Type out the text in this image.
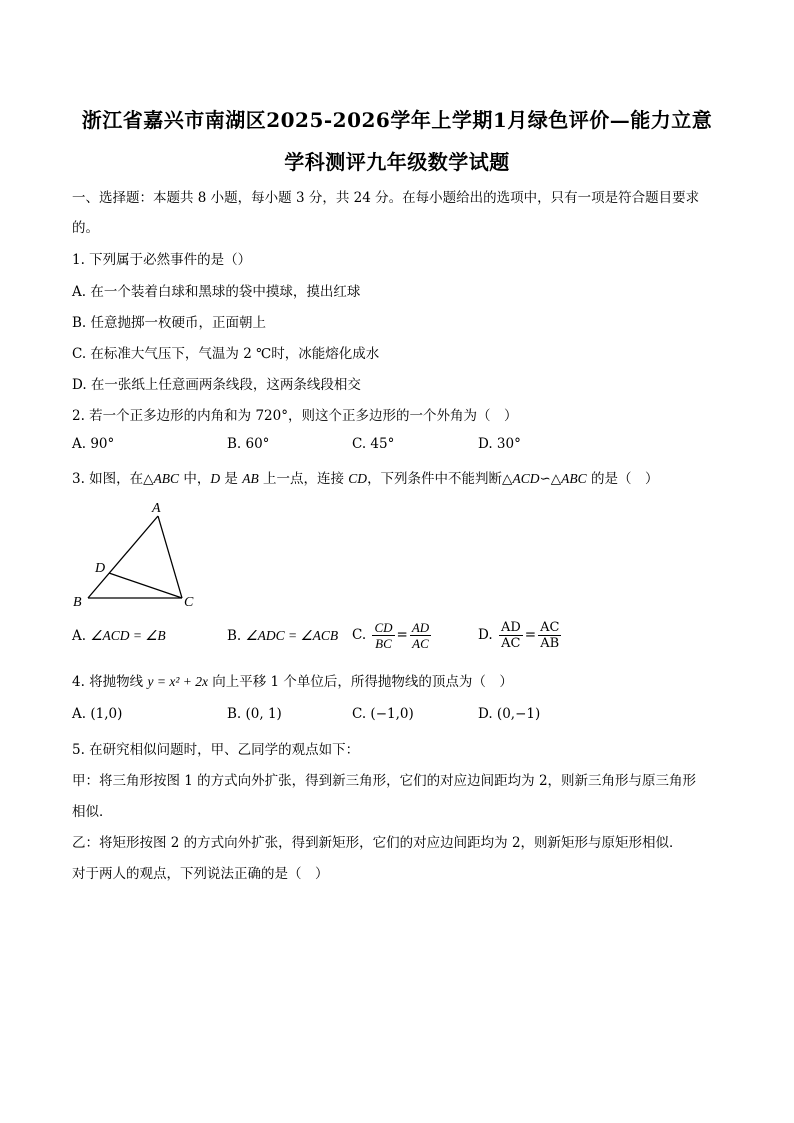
浙江省嘉兴市南湖区2025-2026学年上学期1月绿色评价—能力立意
学科测评九年级数学试题
一、选择题：本题共 8 小题，每小题 3 分，共 24 分。在每小题给出的选项中，只有一项是符合题目要求
的。
1. 下列属于必然事件的是（）
A. 在一个装着白球和黑球的袋中摸球，摸出红球
B. 任意抛掷一枚硬币，正面朝上
C. 在标准大气压下，气温为 2 ℃时，冰能熔化成水
D. 在一张纸上任意画两条线段，这两条线段相交
2. 若一个正多边形的内角和为 720°，则这个正多边形的一个外角为（　）
A. 90°	B. 60°	C. 45°	D. 30°
3. 如图，在△ABC 中，D 是 AB 上一点，连接 CD，下列条件中不能判断△ACD∽△ABC 的是（　）
A
B	C
D
A. ∠ACD = ∠B	B. ∠ADC = ∠ACB C. $\frac{CD}{BC} = \frac{AD}{AC}$	D. $\frac{AD}{AC} = \frac{AC}{AB}$
4. 将抛物线 y = x² + 2x 向上平移 1 个单位后，所得抛物线的顶点为（　）
A. (1,0)	B. (0, 1)	C. (−1,0)	D. (0,−1)
5. 在研究相似问题时，甲、乙同学的观点如下：
甲：将三角形按图 1 的方式向外扩张，得到新三角形，它们的对应边间距均为 2，则新三角形与原三角形
相似．
乙：将矩形按图 2 的方式向外扩张，得到新矩形，它们的对应边间距均为 2，则新矩形与原矩形相似．
对于两人的观点，下列说法正确的是（　）
